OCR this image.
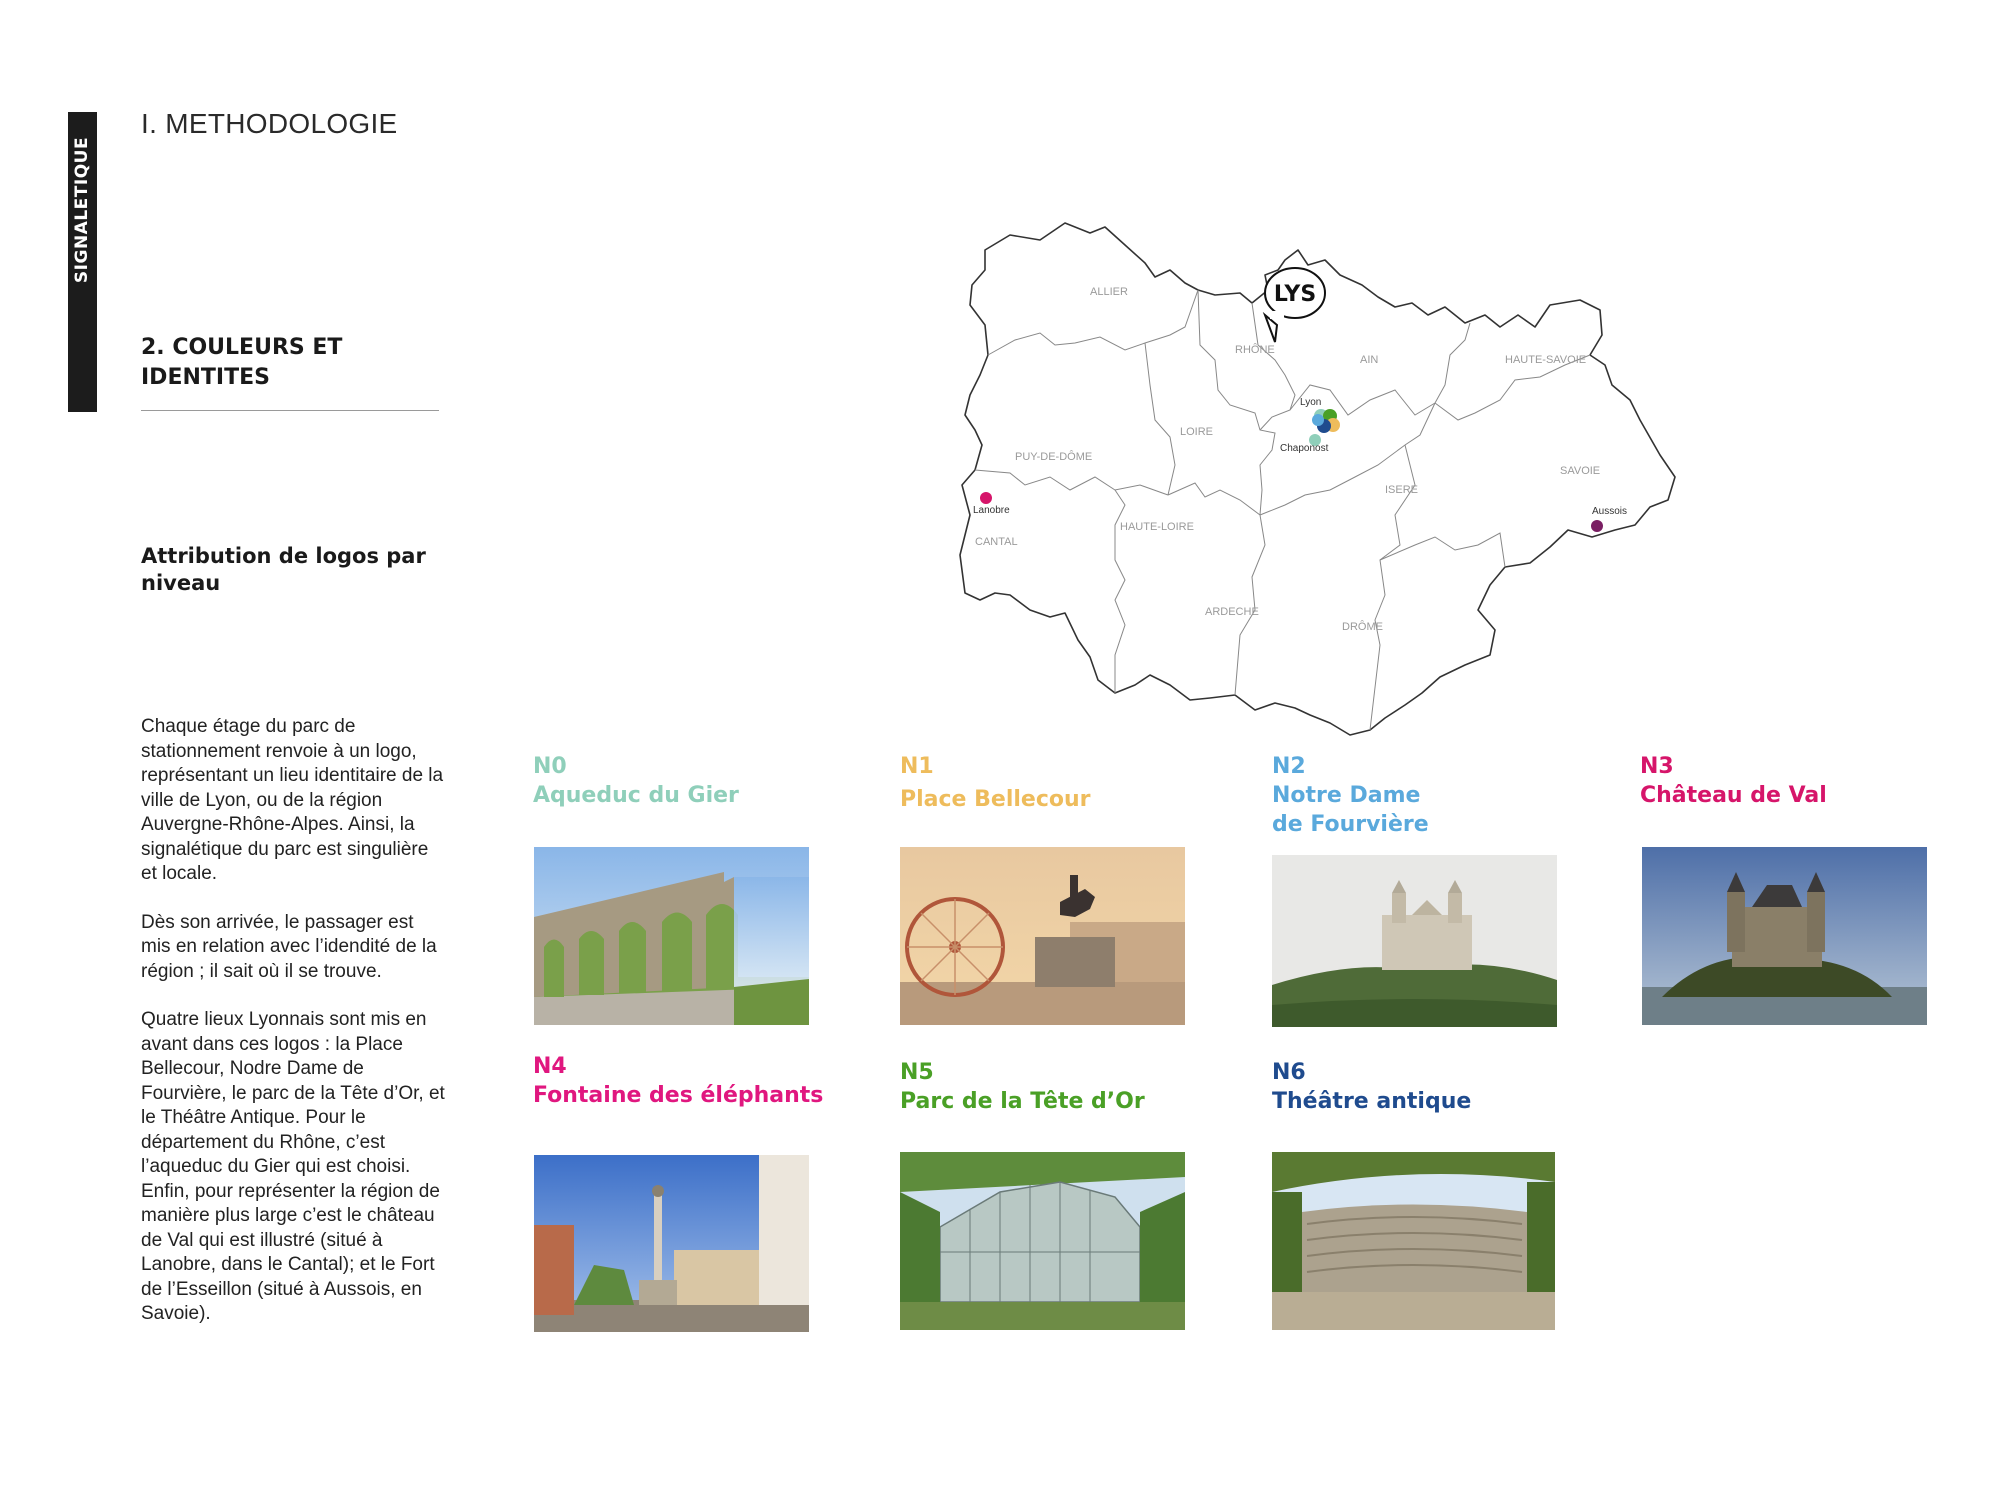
SIGNALETIQUE
I. METHODOLOGIE
2. COULEURS ET
IDENTITES
Attribution de logos par
niveau

Chaque étage du parc de stationnement renvoie à un logo, représentant un lieu identitaire de la ville de Lyon, ou de la région Auvergne-Rhône-Alpes. Ainsi, la signalétique du parc est singulière et locale.

Dès son arrivée, le passager est mis en relation avec l’idendité de la région ; il sait où il se trouve.

Quatre lieux Lyonnais sont mis en avant dans ces logos : la Place Bellecour, Nodre Dame de Fourvière, le parc de la Tête d’Or, et le Théâtre Antique. Pour le département du Rhône, c’est l’aqueduc du Gier qui est choisi. Enfin, pour représenter la région de manière plus large c’est le château de Val qui est illustré (situé à Lanobre, dans le Cantal); et le Fort de l’Esseillon (situé à Aussois, en Savoie).

ALLIER
RHÔNE
AIN	HAUTE-SAVOIE
LOIRE
PUY-DE-DÔME
SAVOIE
ISERE
CANTAL
HAUTE-LOIRE
ARDECHE
DRÔME
LYS
Lyon
Chaponost
Lanobre	Aussois
N0
Aqueduc du Gier
N1
Place Bellecour
N2
Notre Dame
de Fourvière
N3
Château de Val
N4
Fontaine des éléphants
N5
Parc de la Tête d’Or
N6
Théâtre antique
